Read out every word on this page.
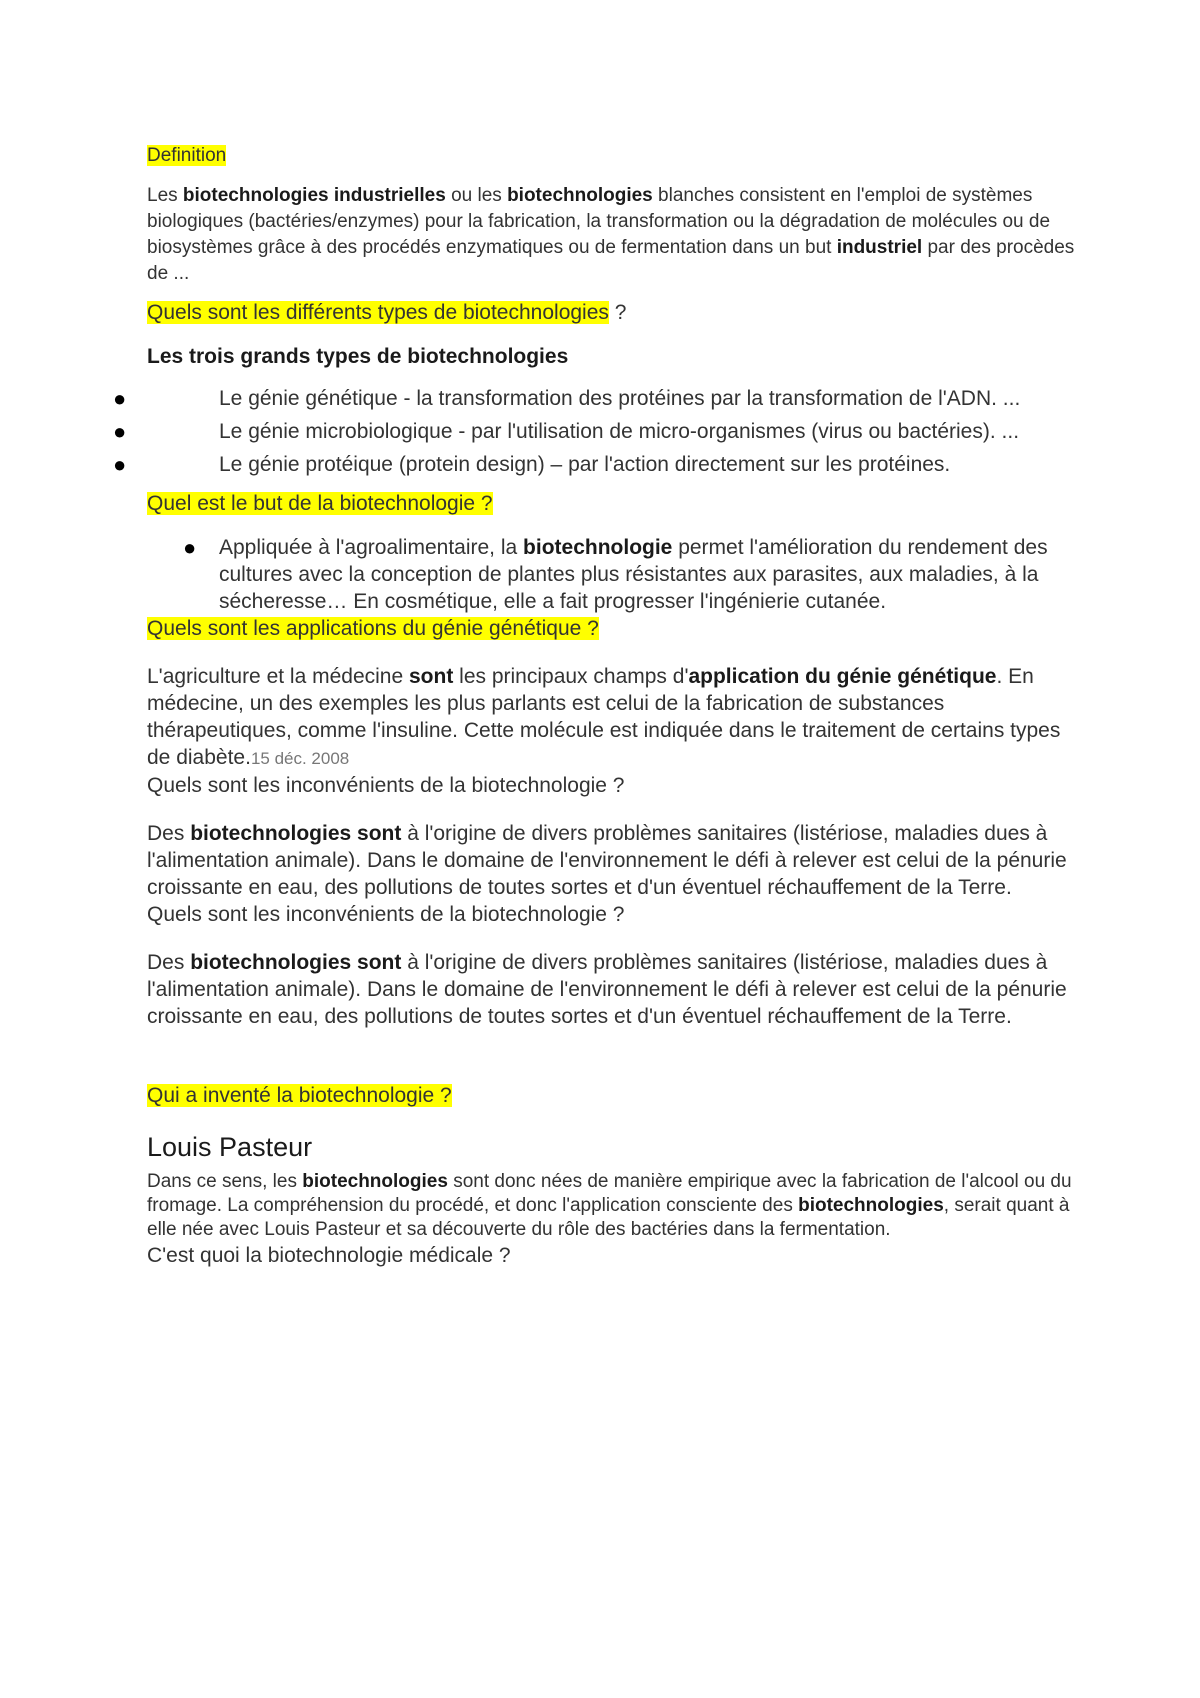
Definition

Les biotechnologies industrielles ou les biotechnologies blanches consistent en l'emploi de systèmes biologiques (bactéries/enzymes) pour la fabrication, la transformation ou la dégradation de molécules ou de biosystèmes grâce à des procédés enzymatiques ou de fermentation dans un but industriel par des procèdes de ...

Quels sont les différents types de biotechnologies ?

Les trois grands types de biotechnologies

●	Le génie génétique - la transformation des protéines par la transformation de l'ADN. ...
●	Le génie microbiologique - par l'utilisation de micro-organismes (virus ou bactéries). ...
●	Le génie protéique (protein design) – par l'action directement sur les protéines.

Quel est le but de la biotechnologie ?

● Appliquée à l'agroalimentaire, la biotechnologie permet l'amélioration du rendement des cultures avec la conception de plantes plus résistantes aux parasites, aux maladies, à la sécheresse… En cosmétique, elle a fait progresser l'ingénierie cutanée.

Quels sont les applications du génie génétique ?

L'agriculture et la médecine sont les principaux champs d'application du génie génétique. En médecine, un des exemples les plus parlants est celui de la fabrication de substances thérapeutiques, comme l'insuline. Cette molécule est indiquée dans le traitement de certains types de diabète.15 déc. 2008

Quels sont les inconvénients de la biotechnologie ?

Des biotechnologies sont à l'origine de divers problèmes sanitaires (listériose, maladies dues à l'alimentation animale). Dans le domaine de l'environnement le défi à relever est celui de la pénurie croissante en eau, des pollutions de toutes sortes et d'un éventuel réchauffement de la Terre.

Quels sont les inconvénients de la biotechnologie ?

Des biotechnologies sont à l'origine de divers problèmes sanitaires (listériose, maladies dues à l'alimentation animale). Dans le domaine de l'environnement le défi à relever est celui de la pénurie croissante en eau, des pollutions de toutes sortes et d'un éventuel réchauffement de la Terre.

Qui a inventé la biotechnologie ?

Louis Pasteur

Dans ce sens, les biotechnologies sont donc nées de manière empirique avec la fabrication de l'alcool ou du fromage. La compréhension du procédé, et donc l'application consciente des biotechnologies, serait quant à elle née avec Louis Pasteur et sa découverte du rôle des bactéries dans la fermentation.

C'est quoi la biotechnologie médicale ?
